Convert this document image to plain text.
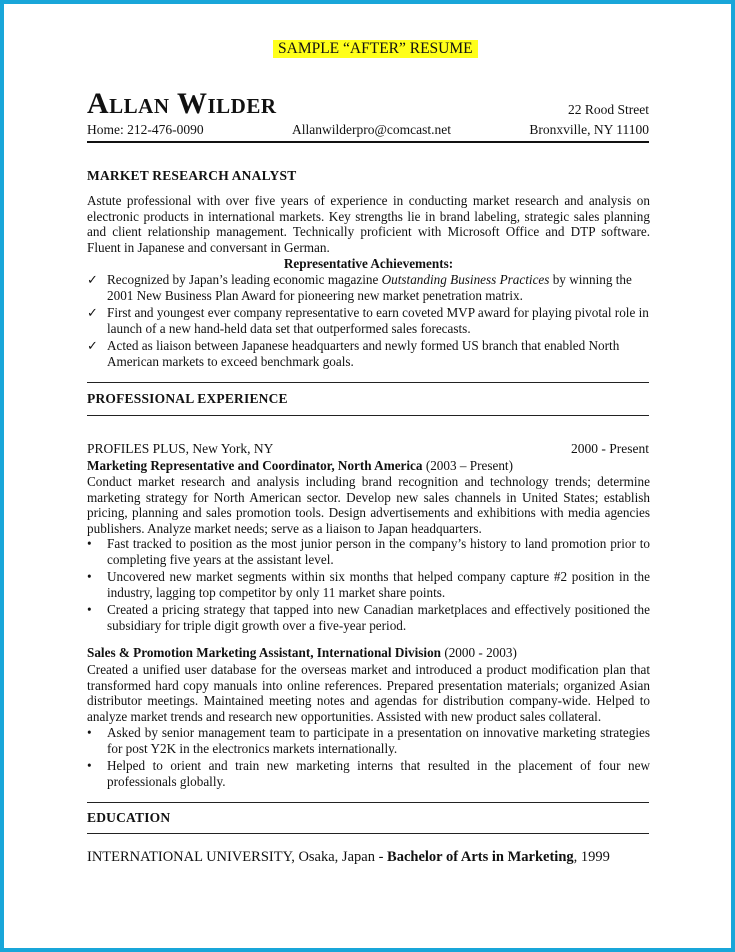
SAMPLE “AFTER” RESUME
Allan Wilder	22 Rood Street
Home: 212-476-0090	Allanwilderpro@comcast.net	Bronxville, NY 11100
MARKET RESEARCH ANALYST
Astute professional with over five years of experience in conducting market research and analysis on electronic products in international markets. Key strengths lie in brand labeling, strategic sales planning and client relationship management. Technically proficient with Microsoft Office and DTP software. Fluent in Japanese and conversant in German.
Representative Achievements:
✓ Recognized by Japan’s leading economic magazine Outstanding Business Practices by winning the 2001 New Business Plan Award for pioneering new market penetration matrix.
✓ First and youngest ever company representative to earn coveted MVP award for playing pivotal role in launch of a new hand-held data set that outperformed sales forecasts.
✓ Acted as liaison between Japanese headquarters and newly formed US branch that enabled North American markets to exceed benchmark goals.
PROFESSIONAL EXPERIENCE
PROFILES PLUS, New York, NY	2000 - Present
Marketing Representative and Coordinator, North America (2003 – Present)
Conduct market research and analysis including brand recognition and technology trends; determine marketing strategy for North American sector. Develop new sales channels in United States; establish pricing, planning and sales promotion tools. Design advertisements and exhibitions with media agencies publishers. Analyze market needs; serve as a liaison to Japan headquarters.
• Fast tracked to position as the most junior person in the company’s history to land promotion prior to completing five years at the assistant level.
• Uncovered new market segments within six months that helped company capture #2 position in the industry, lagging top competitor by only 11 market share points.
• Created a pricing strategy that tapped into new Canadian marketplaces and effectively positioned the subsidiary for triple digit growth over a five-year period.
Sales & Promotion Marketing Assistant, International Division (2000 - 2003)
Created a unified user database for the overseas market and introduced a product modification plan that transformed hard copy manuals into online references. Prepared presentation materials; organized Asian distributor meetings. Maintained meeting notes and agendas for distribution company-wide. Helped to analyze market trends and research new opportunities. Assisted with new product sales collateral.
• Asked by senior management team to participate in a presentation on innovative marketing strategies for post Y2K in the electronics markets internationally.
• Helped to orient and train new marketing interns that resulted in the placement of four new professionals globally.
EDUCATION
INTERNATIONAL UNIVERSITY, Osaka, Japan - Bachelor of Arts in Marketing, 1999
